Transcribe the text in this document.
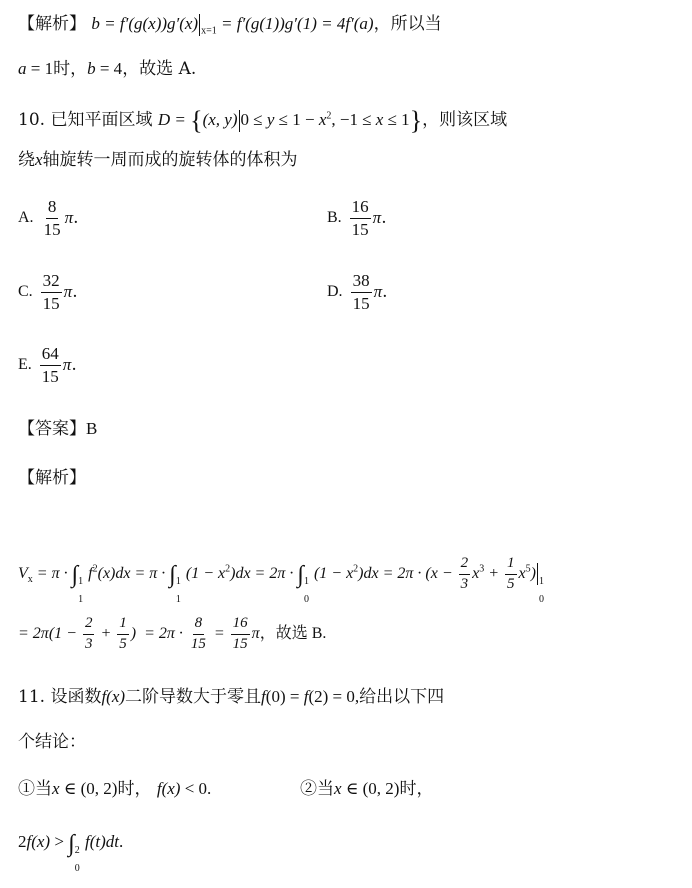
【解析】 b = f′(g(x))g′(x) $_{x=1}$ = f′(g(1))g′(1) = 4f′(a)，所以当
a = 1时，b = 4，故选 A.
10. 已知平面区域 D = {(x, y) $0 \le y \le 1 - x^2$, −1 ≤ x ≤ 1}，则该区域
绕x轴旋转一周而成的旋转体的体积为
A. $\frac{8}{15}$ π .	B. $\frac{16}{15}$ π .
C. $\frac{32}{15}$ π .	D. $\frac{38}{15}$ π .
E. $\frac{64}{15}$ π .
【答案】B
【解析】
$V_x = \pi$ · ∫ 1
1
$f^2(x)dx = \pi$ · ∫ 1
1
$(1 - x^2)dx = 2\pi$ · ∫ 1
0
$(1 - x^2)dx = 2\pi \cdot (x - \frac{2}{3} x^3 + \frac{1}{5} x^5)$ 1
0
= $2\pi(1 - \frac{2}{3} + \frac{1}{5}$ )  = $2\pi \cdot \frac{8}{15} = \frac{16}{15}$ π，故选 B.
11. 设函数f(x)二阶导数大于零且f(0) = f(2) = 0,给出以下四
个结论：
①当x ∈ (0, 2)时， f(x) < 0.	②当x ∈ (0, 2)时，
2f(x) > ∫ 2
0
f(t)dt.
